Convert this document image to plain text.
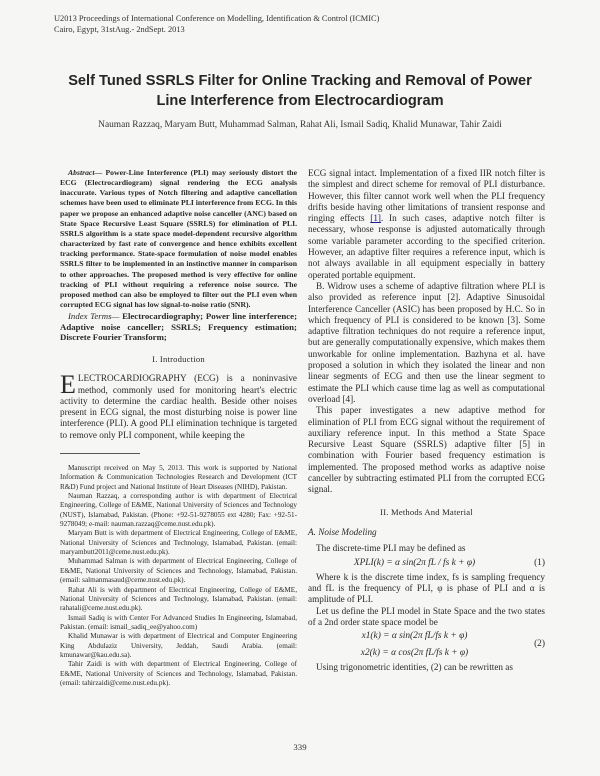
U2013 Proceedings of International Conference on Modelling, Identification & Control (ICMIC)
Cairo, Egypt, 31stAug.- 2ndSept. 2013
Self Tuned SSRLS Filter for Online Tracking and Removal of Power
Line Interference from Electrocardiogram
Nauman Razzaq, Maryam Butt, Muhammad Salman, Rahat Ali, Ismail Sadiq, Khalid Munawar, Tahir Zaidi

Abstract— Power-Line Interference (PLI) may seriously distort the ECG (Electrocardiogram) signal rendering the ECG analysis inaccurate. Various types of Notch filtering and adaptive cancellation schemes have been used to eliminate PLI interference from ECG. In this paper we propose an enhanced adaptive noise canceller (ANC) based on State Space Recursive Least Square (SSRLS) for elimination of PLI. SSRLS algorithm is a state space model-dependent recursive algorithm characterized by fast rate of convergence and hence exhibits excellent tracking performance. State-space formulation of noise model enables SSRLS filter to be implemented in an instinctive manner in comparison to other approaches. The proposed method is very effective for online tracking of PLI without requiring a reference noise source. The proposed method can also be employed to filter out the PLI even when corrupted ECG signal has low signal-to-noise ratio (SNR).

Index Terms— Electrocardiography; Power line interference; Adaptive noise canceller; SSRLS; Frequency estimation; Discrete Fourier Transform;

I. Introduction

ELECTROCARDIOGRAPHY (ECG) is a noninvasive method, commonly used for monitoring heart's electric activity to determine the cardiac health. Beside other noises present in ECG signal, the most disturbing noise is power line interference (PLI). A good PLI elimination technique is targeted to remove only PLI component, while keeping the

Manuscript received on May 5, 2013. This work is supported by National Information & Communication Technologies Research and Development (ICT R&D) Fund project and National Institute of Heart Diseases (NIHD), Pakistan.

Nauman Razzaq, a corresponding author is with department of Electrical Engineering, College of E&ME, National University of Sciences and Technology (NUST), Islamabad, Pakistan. (Phone: +92-51-9278055 ext 4280; Fax: +92-51-9278049; e-mail: nauman.razzaq@ceme.nust.edu.pk).

Maryam Butt is with department of Electrical Engineering, College of E&ME, National University of Sciences and Technology, Islamabad, Pakistan. (email: maryambutt2011@ceme.nust.edu.pk).

Muhammad Salman is with department of Electrical Engineering, College of E&ME, National University of Sciences and Technology, Islamabad, Pakistan. (email: salmanmasaud@ceme.nust.edu.pk).

Rahat Ali is with department of Electrical Engineering, College of E&ME, National University of Sciences and Technology, Islamabad, Pakistan. (email: rahatali@ceme.nust.edu.pk).

Ismail Sadiq is with Center For Advanced Studies In Engineering, Islamabad, Pakistan. (email: ismail_sadiq_ee@yahoo.com)

Khalid Munawar is with department of Electrical and Computer Engineering King Abdulaziz University, Jeddah, Saudi Arabia. (email: kmunawar@kau.edu.sa).

Tahir Zaidi is with with department of Electrical Engineering, College of E&ME, National University of Sciences and Technology, Islamabad, Pakistan. (email: tahirzaidi@ceme.nust.edu.pk).

ECG signal intact. Implementation of a fixed IIR notch filter is the simplest and direct scheme for removal of PLI disturbance. However, this filter cannot work well when the PLI frequency drifts beside having other limitations of transient response and ringing effects [1]. In such cases, adaptive notch filter is necessary, whose response is adjusted automatically through some variable parameter according to the specified criterion. However, an adaptive filter requires a reference input, which is not always available in all equipment especially in battery operated portable equipment.

B. Widrow uses a scheme of adaptive filtration where PLI is also provided as reference input [2]. Adaptive Sinusoidal Interference Canceller (ASIC) has been proposed by H.C. So in which frequency of PLI is considered to be known [3]. Some adaptive filtration techniques do not require a reference input, but are generally computationally expensive, which makes them unworkable for online implementation. Bazhyna et al. have proposed a solution in which they isolated the linear and non linear segments of ECG and then use the linear segment to estimate the PLI which cause time lag as well as computational overload [4].

This paper investigates a new adaptive method for elimination of PLI from ECG signal without the requirement of auxiliary reference input. In this method a State Space Recursive Least Square (SSRLS) adaptive filter [5] in combination with Fourier based frequency estimation is implemented. The proposed method works as adaptive noise canceller by subtracting estimated PLI from the corrupted ECG signal.

II. Methods And Material
A. Noise Modeling

The discrete-time PLI may be defined as

XPLI(k) = α sin(2π fL / fs k + φ)	(1)

Where k is the discrete time index, fs is sampling frequency and fL is the frequency of PLI, φ is phase of PLI and α is amplitude of PLI.

Let us define the PLI model in State Space and the two states of a 2nd order state space model be

x1(k) = α sin(2π fL/fs k + φ)
x2(k) = α cos(2π fL/fs k + φ)
(2)

Using trigonometric identities, (2) can be rewritten as

339
